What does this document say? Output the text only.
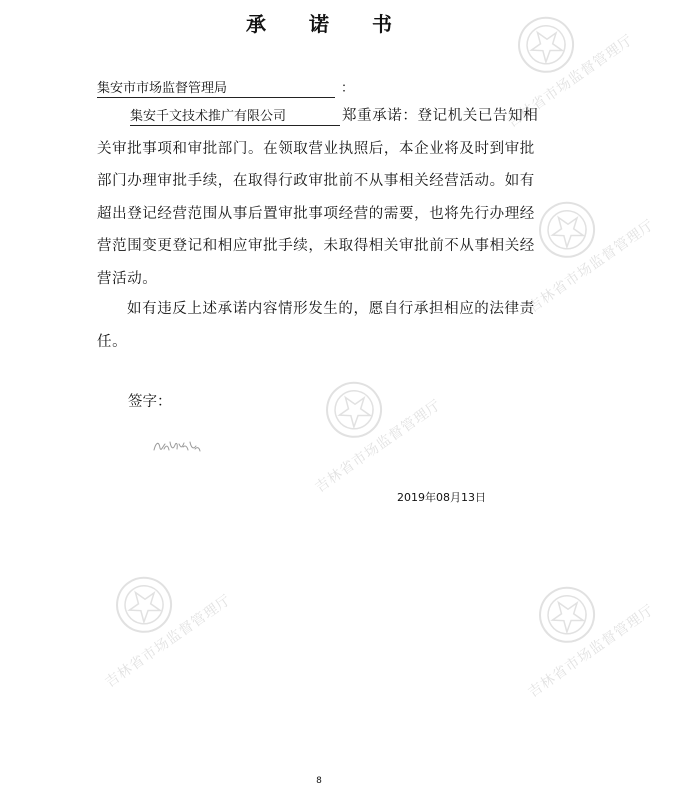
吉林省市场监督管理厅
吉林省市场监督管理厅
吉林省市场监督管理厅
吉林省市场监督管理厅	吉林省市场监督管理厅
承 诺 书
集安市市场监督管理局	：
集安千文技术推广有限公司	郑重承诺：登记机关已告知相关审批事项和审批部门。在领取营业执照后，本企业将及时到审批部门办理审批手续，在取得行政审批前不从事相关经营活动。如有超出登记经营范围从事后置审批事项经营的需要，也将先行办理经营范围变更登记和相应审批手续，未取得相关审批前不从事相关经营活动。
如有违反上述承诺内容情形发生的，愿自行承担相应的法律责任。
签字：
2019年08月13日
8
